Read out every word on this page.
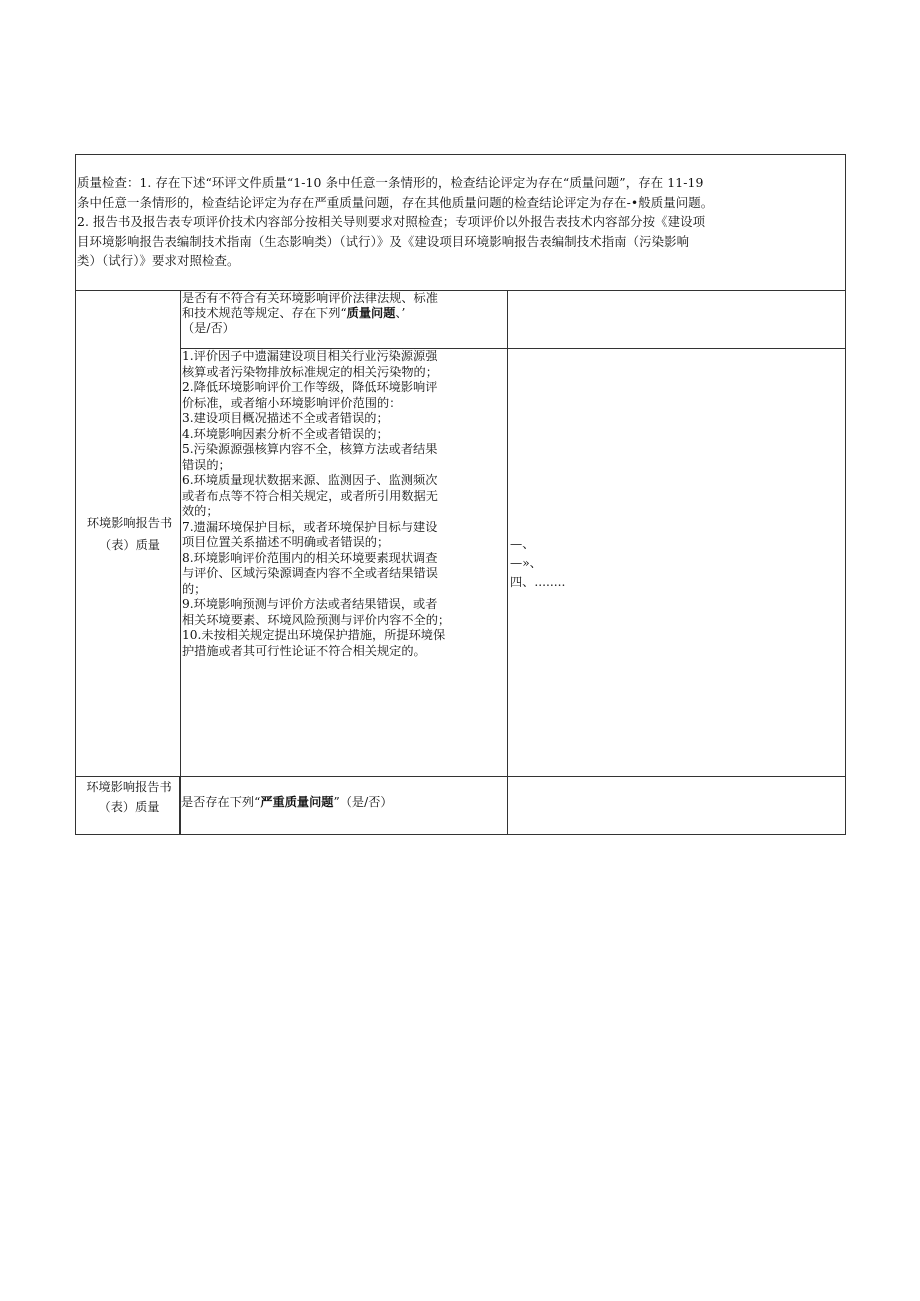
质量检查：1. 存在下述“环评文件质量“1-10 条中任意一条情形的，检查结论评定为存在“质量问题”，存在 11-19

条中任意一条情形的，检查结论评定为存在严重质量问题，存在其他质量问题的检查结论评定为存在-•般质量问题。

2. 报告书及报告表专项评价技术内容部分按相关导则要求对照检查；专项评价以外报告表技术内容部分按《建设项

目环境影响报告表编制技术指南（生态影响类）（试行）》及《建设项目环境影响报告表编制技术指南（污染影响

类）（试行）》要求对照检查。

环境影响报告书（表）质量
是否有不符合有关环境影响评价法律法规、标准
和技术规范等规定、存在下列“质量问题、’
（是/否）
1.评价因子中遗漏建设项目相关行业污染源源强
核算或者污染物排放标准规定的相关污染物的；
2.降低环境影响评价工作等级，降低环境影响评
价标准，或者缩小环境影响评价范围的：
3.建设项目概况描述不全或者错误的；
4.环境影响因素分析不全或者错误的；
5.污染源源强核算内容不全，核算方法或者结果
错误的；
6.环境质量现状数据来源、监测因子、监测频次
或者布点等不符合相关规定，或者所引用数据无
效的；
7.遗漏环境保护目标，或者环境保护目标与建设
项目位置关系描述不明确或者错误的；
8.环境影响评价范围内的相关环境要素现状调查
与评价、区域污染源调查内容不全或者结果错误
的；
9.环境影响预测与评价方法或者结果错误，或者
相关环境要素、环境风险预测与评价内容不全的；
10.未按相关规定提出环境保护措施，所提环境保
护措施或者其可行性论证不符合相关规定的。
—、
—»、
四、........
环境影响报告书（表）质量	是否存在下列“严重质量问题”（是/否）
